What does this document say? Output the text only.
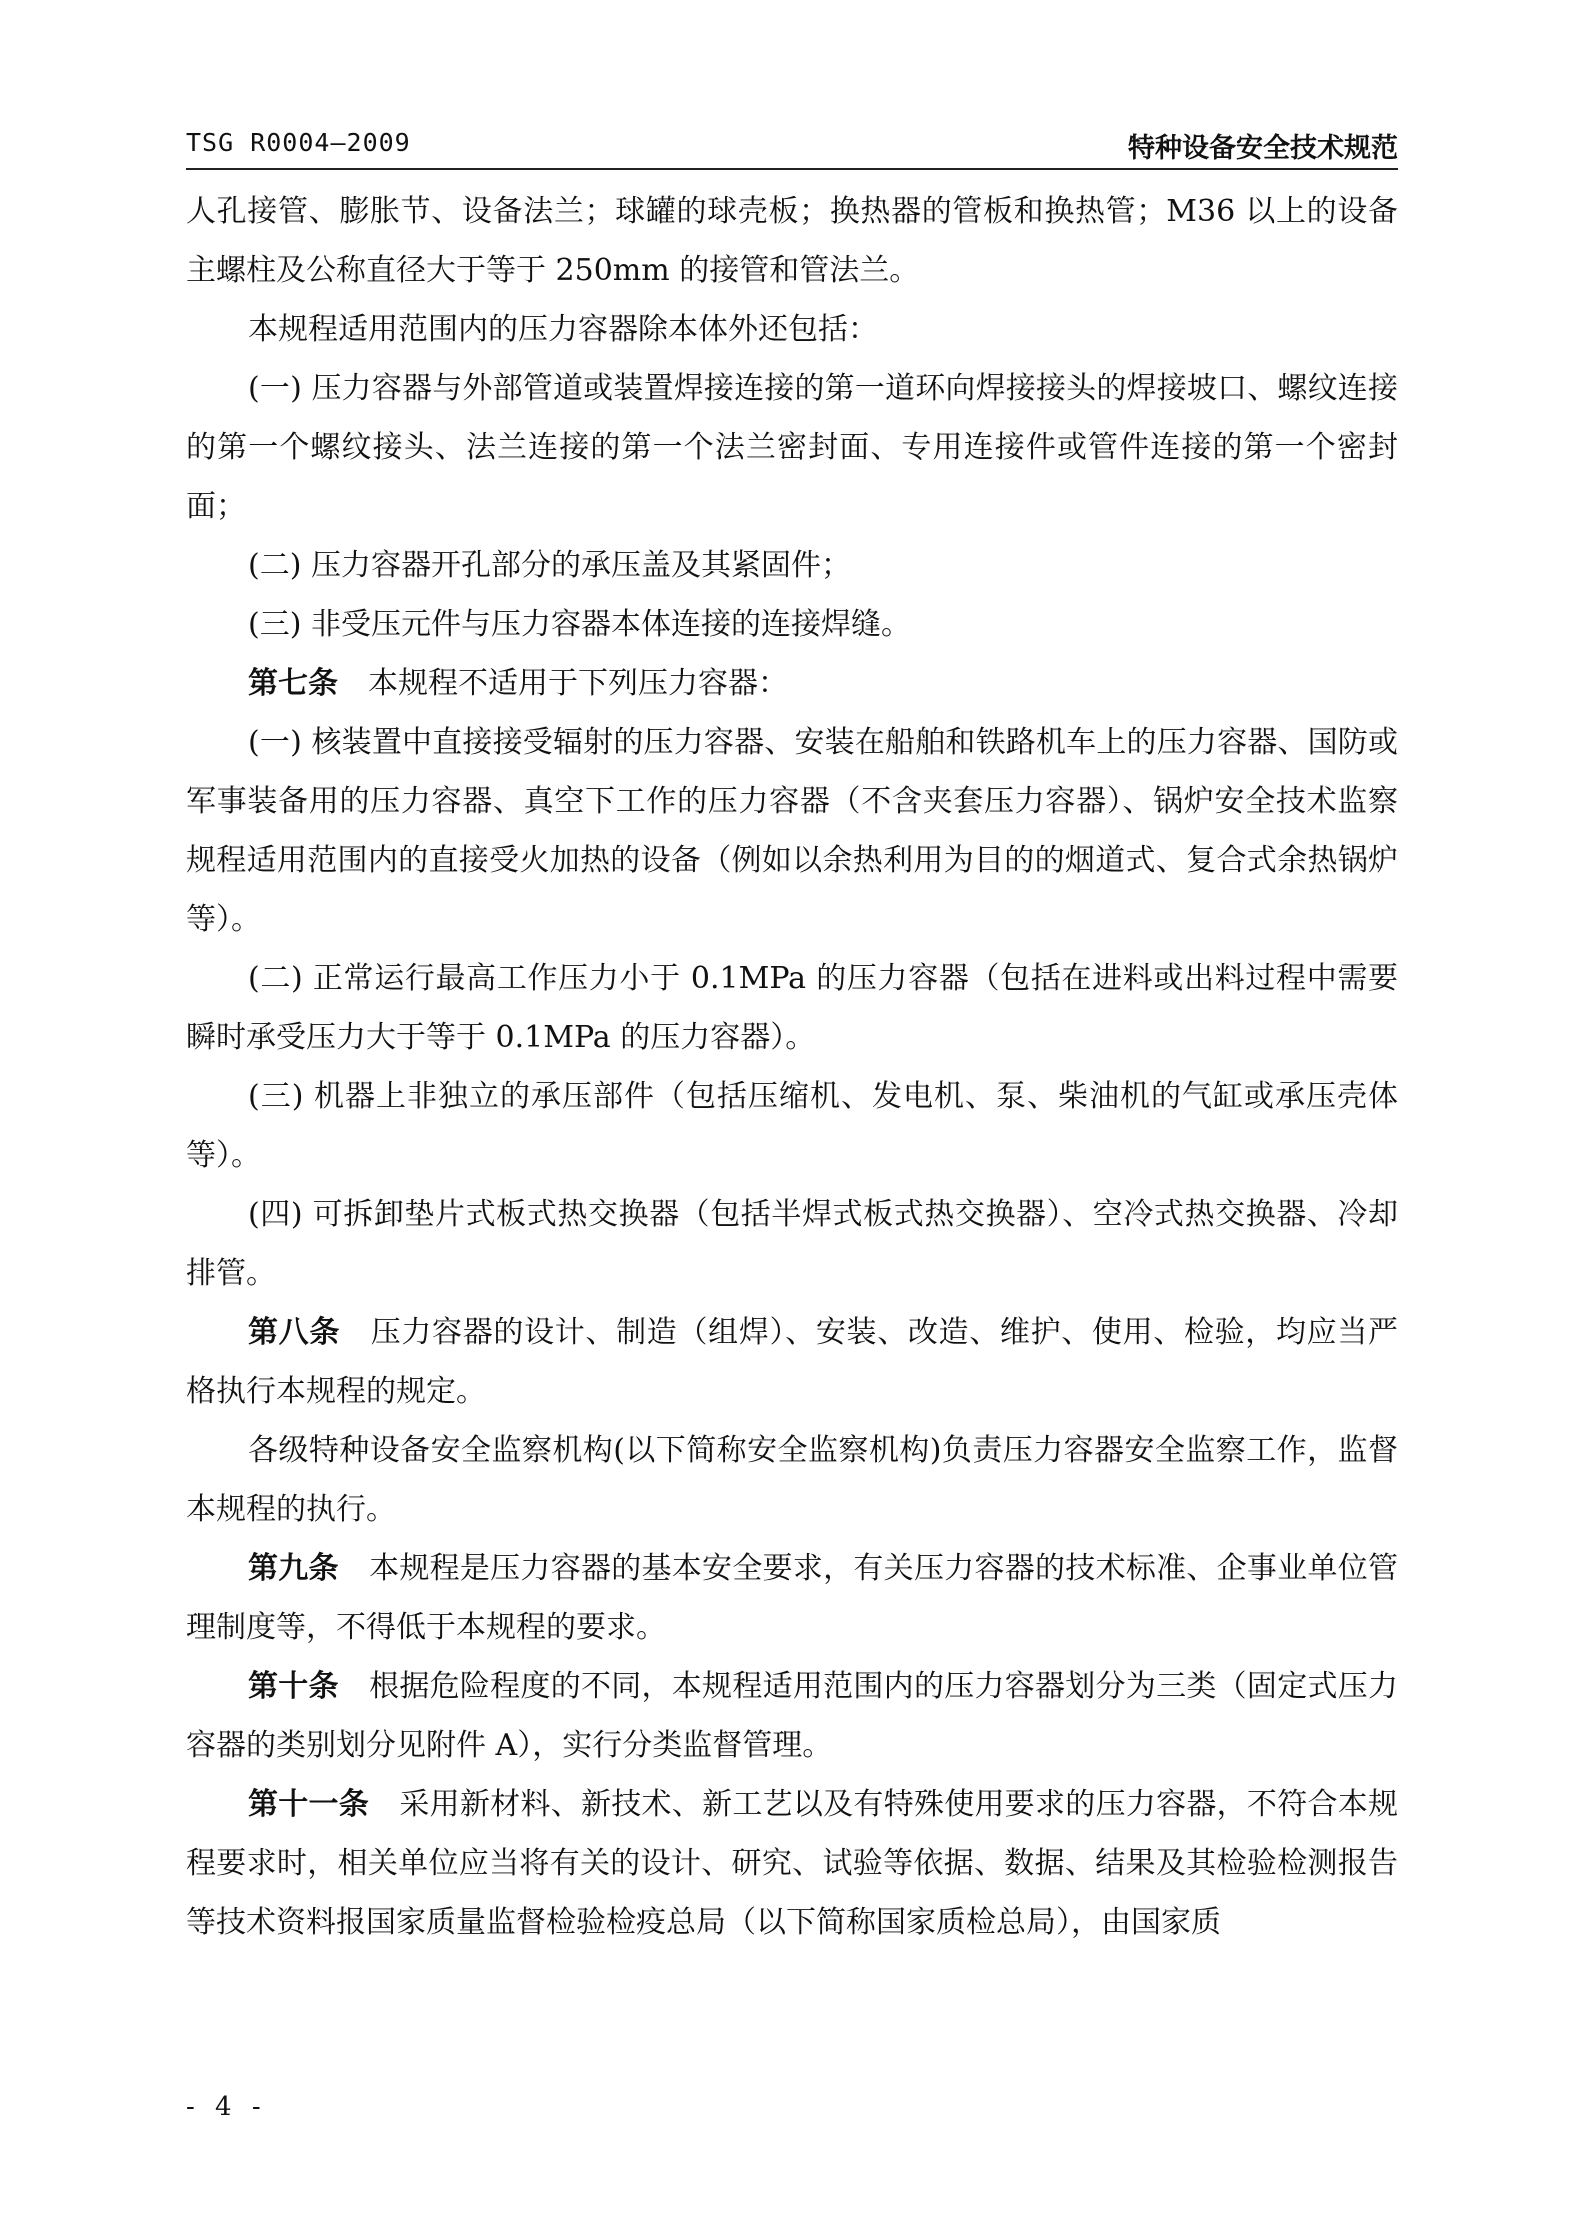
TSG R0004—2009	特种设备安全技术规范

人孔接管、膨胀节、设备法兰；球罐的球壳板；换热器的管板和换热管；M36 以上的设备主螺柱及公称直径大于等于 250mm 的接管和管法兰。

本规程适用范围内的压力容器除本体外还包括：

(一) 压力容器与外部管道或装置焊接连接的第一道环向焊接接头的焊接坡口、螺纹连接的第一个螺纹接头、法兰连接的第一个法兰密封面、专用连接件或管件连接的第一个密封面；

(二) 压力容器开孔部分的承压盖及其紧固件；

(三) 非受压元件与压力容器本体连接的连接焊缝。

第七条　本规程不适用于下列压力容器：

(一) 核装置中直接接受辐射的压力容器、安装在船舶和铁路机车上的压力容器、国防或军事装备用的压力容器、真空下工作的压力容器（不含夹套压力容器）、锅炉安全技术监察规程适用范围内的直接受火加热的设备（例如以余热利用为目的的烟道式、复合式余热锅炉等）。

(二) 正常运行最高工作压力小于 0.1MPa 的压力容器（包括在进料或出料过程中需要瞬时承受压力大于等于 0.1MPa 的压力容器）。

(三) 机器上非独立的承压部件（包括压缩机、发电机、泵、柴油机的气缸或承压壳体等）。

(四) 可拆卸垫片式板式热交换器（包括半焊式板式热交换器）、空冷式热交换器、冷却排管。

第八条　压力容器的设计、制造（组焊）、安装、改造、维护、使用、检验，均应当严格执行本规程的规定。

各级特种设备安全监察机构(以下简称安全监察机构)负责压力容器安全监察工作，监督本规程的执行。

第九条　本规程是压力容器的基本安全要求，有关压力容器的技术标准、企事业单位管理制度等，不得低于本规程的要求。

第十条　根据危险程度的不同，本规程适用范围内的压力容器划分为三类（固定式压力容器的类别划分见附件 A），实行分类监督管理。

第十一条　采用新材料、新技术、新工艺以及有特殊使用要求的压力容器，不符合本规程要求时，相关单位应当将有关的设计、研究、试验等依据、数据、结果及其检验检测报告等技术资料报国家质量监督检验检疫总局（以下简称国家质检总局），由国家质

- 4 -
